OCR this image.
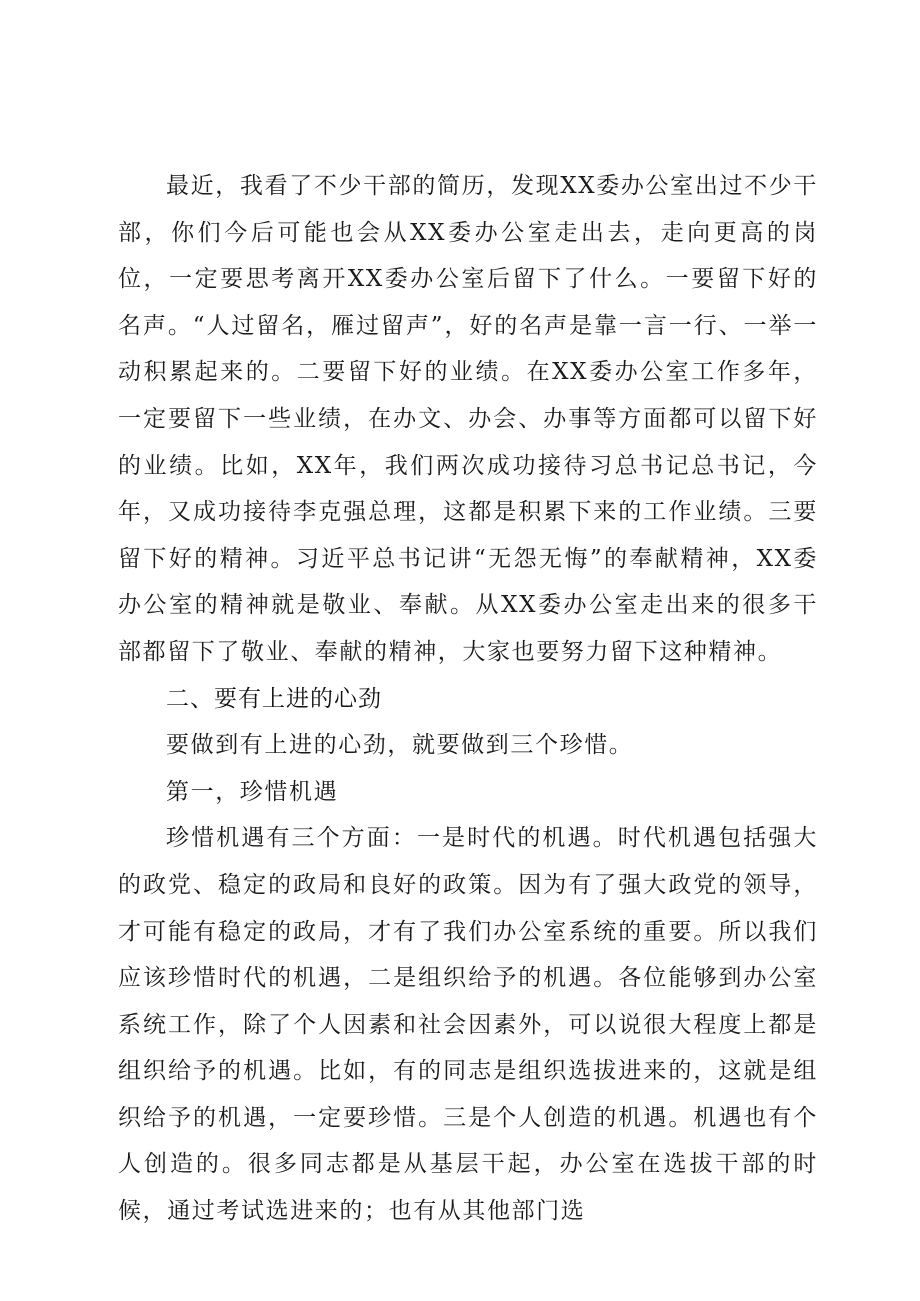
最近，我看了不少干部的简历，发现XX委办公室出过不少干部，你们今后可能也会从XX委办公室走出去，走向更高的岗位，一定要思考离开XX委办公室后留下了什么。一要留下好的名声。“人过留名，雁过留声”，好的名声是靠一言一行、一举一动积累起来的。二要留下好的业绩。在XX委办公室工作多年，一定要留下一些业绩，在办文、办会、办事等方面都可以留下好的业绩。比如，XX年，我们两次成功接待习总书记总书记，今年，又成功接待李克强总理，这都是积累下来的工作业绩。三要留下好的精神。习近平总书记讲“无怨无悔”的奉献精神，XX委办公室的精神就是敬业、奉献。从XX委办公室走出来的很多干部都留下了敬业、奉献的精神，大家也要努力留下这种精神。

二、要有上进的心劲

要做到有上进的心劲，就要做到三个珍惜。

第一，珍惜机遇

珍惜机遇有三个方面：一是时代的机遇。时代机遇包括强大的政党、稳定的政局和良好的政策。因为有了强大政党的领导，才可能有稳定的政局，才有了我们办公室系统的重要。所以我们应该珍惜时代的机遇，二是组织给予的机遇。各位能够到办公室系统工作，除了个人因素和社会因素外，可以说很大程度上都是组织给予的机遇。比如，有的同志是组织选拔进来的，这就是组织给予的机遇，一定要珍惜。三是个人创造的机遇。机遇也有个人创造的。很多同志都是从基层干起，办公室在选拔干部的时候，通过考试选进来的；也有从其他部门选
